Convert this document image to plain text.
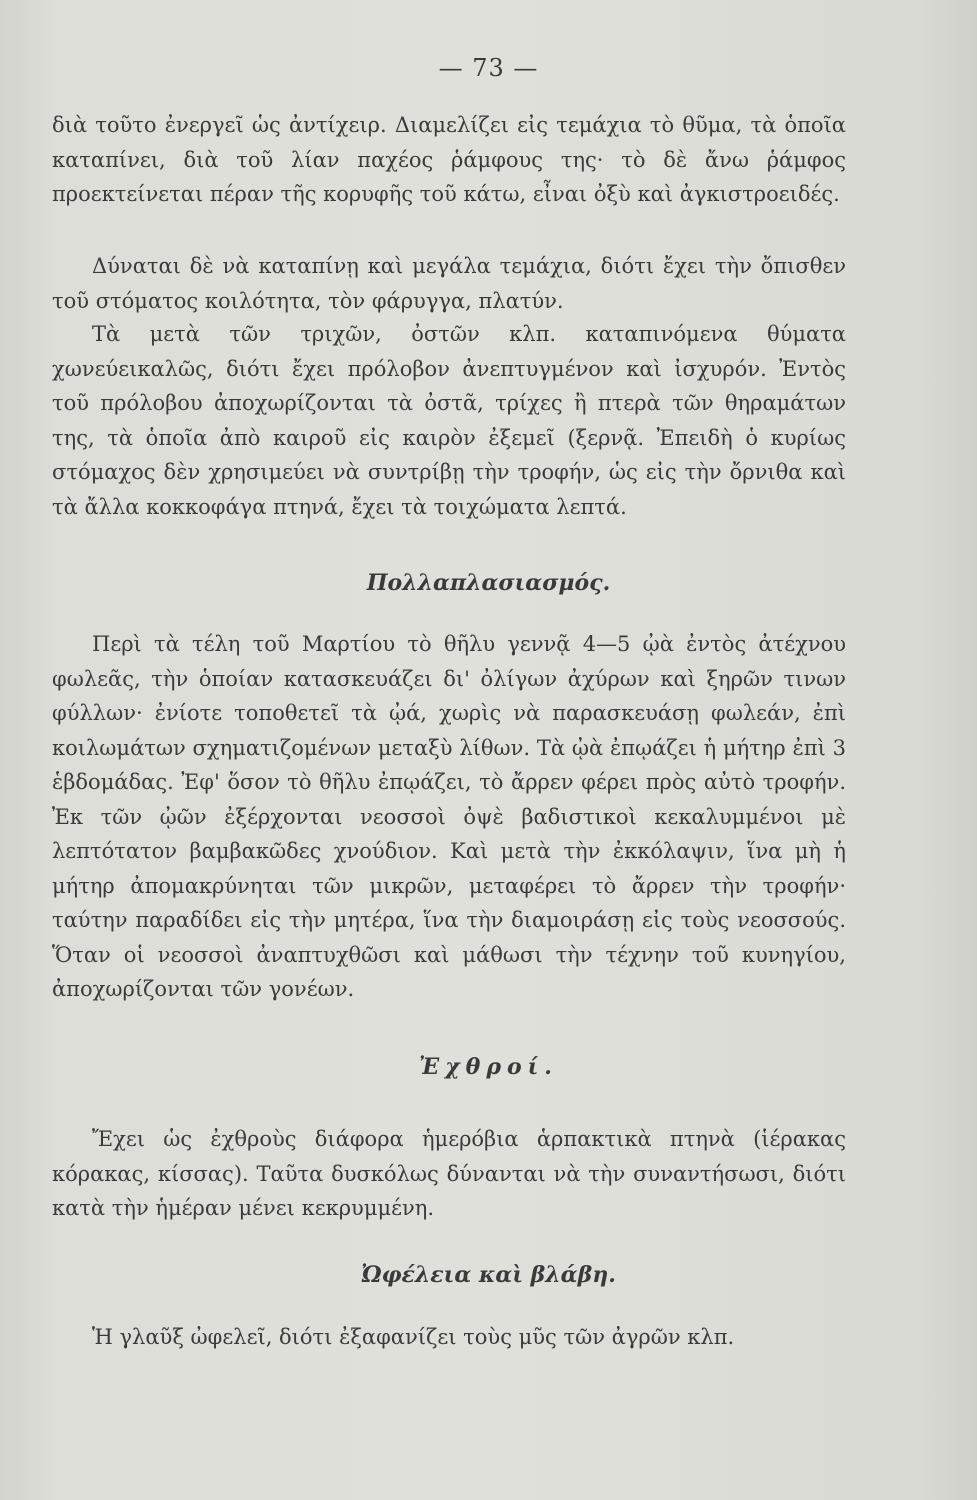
— 73 —

διὰ τοῦτο ἐνεργεῖ ὡς ἀντίχειρ. Διαμελίζει εἰς τεμάχια τὸ θῦμα, τὰ ὁποῖα καταπίνει, διὰ τοῦ λίαν παχέος ῥάμφους της· τὸ δὲ ἄνω ῥάμφος προεκτείνεται πέραν τῆς κορυφῆς τοῦ κάτω, εἶναι ὀξὺ καὶ ἀγκιστροειδές.

Δύναται δὲ νὰ καταπίνῃ καὶ μεγάλα τεμάχια, διότι ἔχει τὴν ὄπισθεν τοῦ στόματος κοιλότητα, τὸν φάρυγγα, πλατύν.

Τὰ μετὰ τῶν τριχῶν, ὀστῶν κλπ. καταπινόμενα θύματα χωνεύεικαλῶς, διότι ἔχει πρόλοβον ἀνεπτυγμένον καὶ ἰσχυρόν. Ἐντὸς τοῦ πρόλοβου ἀποχωρίζονται τὰ ὀστᾶ, τρίχες ἢ πτερὰ τῶν θηραμάτων της, τὰ ὁποῖα ἀπὸ καιροῦ εἰς καιρὸν ἐξεμεῖ (ξερνᾷ. Ἐπειδὴ ὁ κυρίως στόμαχος δὲν χρησιμεύει νὰ συντρίβῃ τὴν τροφήν, ὡς εἰς τὴν ὄρνιθα καὶ τὰ ἄλλα κοκκοφάγα πτηνά, ἔχει τὰ τοιχώματα λεπτά.

Πολλαπλασιασμός.

Περὶ τὰ τέλη τοῦ Μαρτίου τὸ θῆλυ γεννᾷ 4—5 ᾠὰ ἐντὸς ἀτέχνου φωλεᾶς, τὴν ὁποίαν κατασκευάζει δι' ὀλίγων ἀχύρων καὶ ξηρῶν τινων φύλλων· ἐνίοτε τοποθετεῖ τὰ ᾠά, χωρὶς νὰ παρασκευάσῃ φωλεάν, ἐπὶ κοιλωμάτων σχηματιζομένων μεταξὺ λίθων. Τὰ ᾠὰ ἐπῳάζει ἡ μήτηρ ἐπὶ 3 ἑβδομάδας. Ἐφ' ὅσον τὸ θῆλυ ἐπῳάζει, τὸ ἄρρεν φέρει πρὸς αὐτὸ τροφήν. Ἐκ τῶν ᾠῶν ἐξέρχονται νεοσσοὶ ὀψὲ βαδιστικοὶ κεκαλυμμένοι μὲ λεπτότατον βαμβακῶδες χνούδιον. Καὶ μετὰ τὴν ἐκκόλαψιν, ἵνα μὴ ἡ μήτηρ ἀπομακρύνηται τῶν μικρῶν, μεταφέρει τὸ ἄρρεν τὴν τροφήν· ταύτην παραδίδει εἰς τὴν μητέρα, ἵνα τὴν διαμοιράσῃ εἰς τοὺς νεοσσούς. Ὅταν οἱ νεοσσοὶ ἀναπτυχθῶσι καὶ μάθωσι τὴν τέχνην τοῦ κυνηγίου, ἀποχωρίζονται τῶν γονέων.

Ἐχθροί.

Ἔχει ὡς ἐχθροὺς διάφορα ἡμερόβια ἁρπακτικὰ πτηνὰ (ἱέρακας κόρακας, κίσσας). Ταῦτα δυσκόλως δύνανται νὰ τὴν συναντήσωσι, διότι κατὰ τὴν ἡμέραν μένει κεκρυμμένη.

Ὠφέλεια καὶ βλάβη.

Ἡ γλαῦξ ὠφελεῖ, διότι ἐξαφανίζει τοὺς μῦς τῶν ἀγρῶν κλπ.
